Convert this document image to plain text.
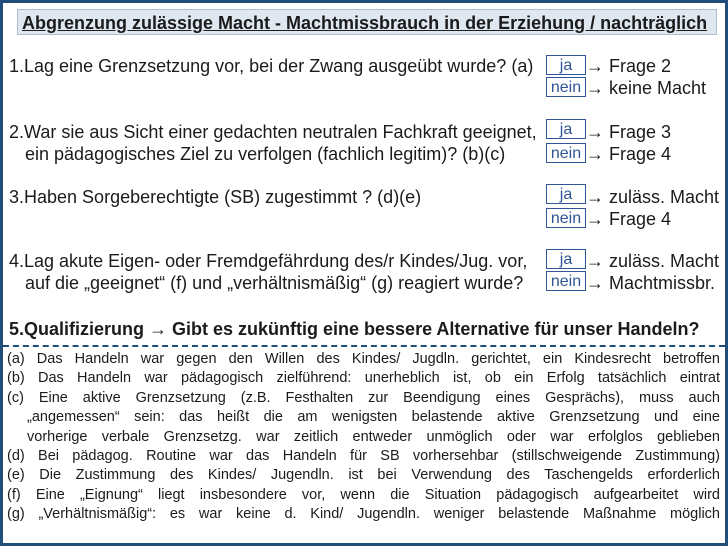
Abgrenzung zulässige Macht - Machtmissbrauch in der Erziehung / nachträglich
1.Lag eine Grenzsetzung vor, bei der Zwang ausgeübt wurde? (a)	ja → Frage 2
nein → keine Macht
2.War sie aus Sicht einer gedachten neutralen Fachkraft geeignet,
ein pädagogisches Ziel zu verfolgen (fachlich legitim)? (b)(c)
ja → Frage 3
nein → Frage 4
3.Haben Sorgeberechtigte (SB) zugestimmt ? (d)(e)	ja → zuläss. Macht
nein → Frage 4
4.Lag akute Eigen- oder Fremdgefährdung des/r Kindes/Jug. vor,
auf die „geeignet“ (f) und „verhältnismäßig“ (g) reagiert wurde?
ja → zuläss. Macht
nein → Machtmissbr.
5.Qualifizierung → Gibt es zukünftig eine bessere Alternative für unser Handeln?
(a) Das Handeln war gegen den Willen des Kindes/ Jugdln. gerichtet, ein Kindesrecht betroffen
(b) Das Handeln war pädagogisch zielführend: unerheblich ist, ob ein Erfolg tatsächlich eintrat
(c) Eine aktive Grenzsetzung (z.B. Festhalten zur Beendigung eines Gesprächs), muss auch
„angemessen“ sein: das heißt die am wenigsten belastende aktive Grenzsetzung und eine
vorherige verbale Grenzsetzg. war zeitlich entweder unmöglich oder war erfolglos geblieben
(d) Bei pädagog. Routine war das Handeln für SB vorhersehbar (stillschweigende Zustimmung)
(e) Die Zustimmung des Kindes/ Jugendln. ist bei Verwendung des Taschengelds erforderlich
(f) Eine „Eignung“ liegt insbesondere vor, wenn die Situation pädagogisch aufgearbeitet wird
(g) „Verhältnismäßig“: es war keine d. Kind/ Jugendln. weniger belastende Maßnahme möglich
